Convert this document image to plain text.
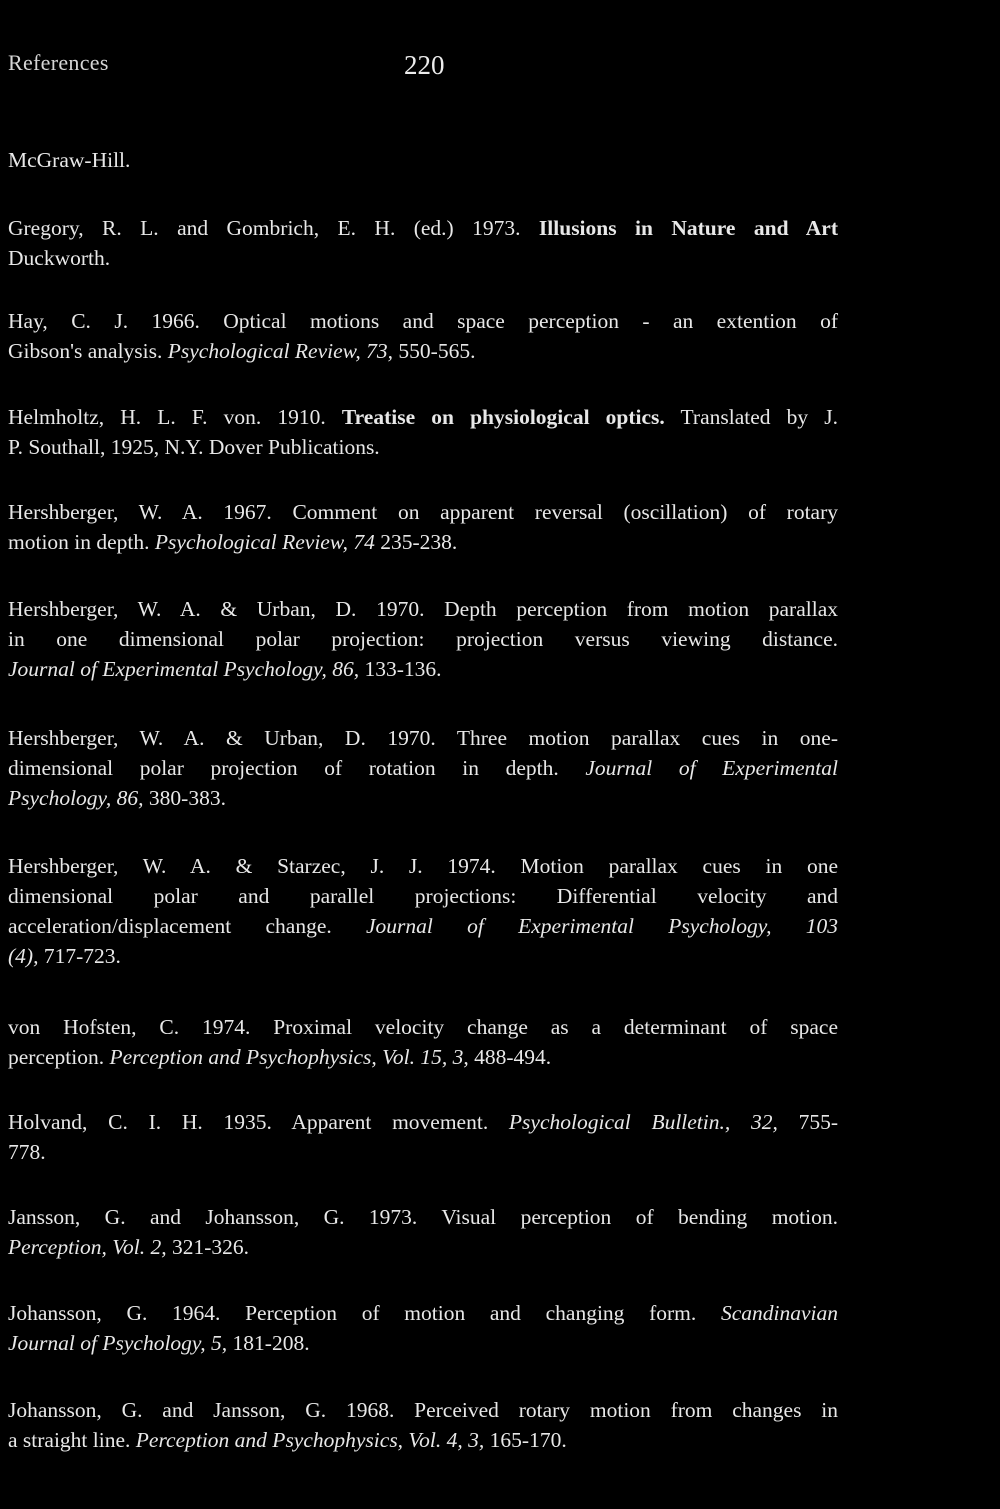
References	220
McGraw-Hill.
Gregory, R. L. and Gombrich, E. H. (ed.) 1973. Illusions in Nature and Art
Duckworth.
Hay, C. J. 1966. Optical motions and space perception - an extention of
Gibson's analysis. Psychological Review, 73, 550-565.
Helmholtz, H. L. F. von. 1910. Treatise on physiological optics. Translated by J.
P. Southall, 1925, N.Y. Dover Publications.
Hershberger, W. A. 1967. Comment on apparent reversal (oscillation) of rotary
motion in depth. Psychological Review, 74 235-238.
Hershberger, W. A. & Urban, D. 1970. Depth perception from motion parallax
in one dimensional polar projection: projection versus viewing distance.
Journal of Experimental Psychology, 86, 133-136.
Hershberger, W. A. & Urban, D. 1970. Three motion parallax cues in one-
dimensional polar projection of rotation in depth. Journal of Experimental
Psychology, 86, 380-383.
Hershberger, W. A. & Starzec, J. J. 1974. Motion parallax cues in one
dimensional polar and parallel projections: Differential velocity and
acceleration/displacement change. Journal of Experimental Psychology, 103
(4), 717-723.
von Hofsten, C. 1974. Proximal velocity change as a determinant of space
perception. Perception and Psychophysics, Vol. 15, 3, 488-494.
Holvand, C. I. H. 1935. Apparent movement. Psychological Bulletin., 32, 755-
778.
Jansson, G. and Johansson, G. 1973. Visual perception of bending motion.
Perception, Vol. 2, 321-326.
Johansson, G. 1964. Perception of motion and changing form. Scandinavian
Journal of Psychology, 5, 181-208.
Johansson, G. and Jansson, G. 1968. Perceived rotary motion from changes in
a straight line. Perception and Psychophysics, Vol. 4, 3, 165-170.
